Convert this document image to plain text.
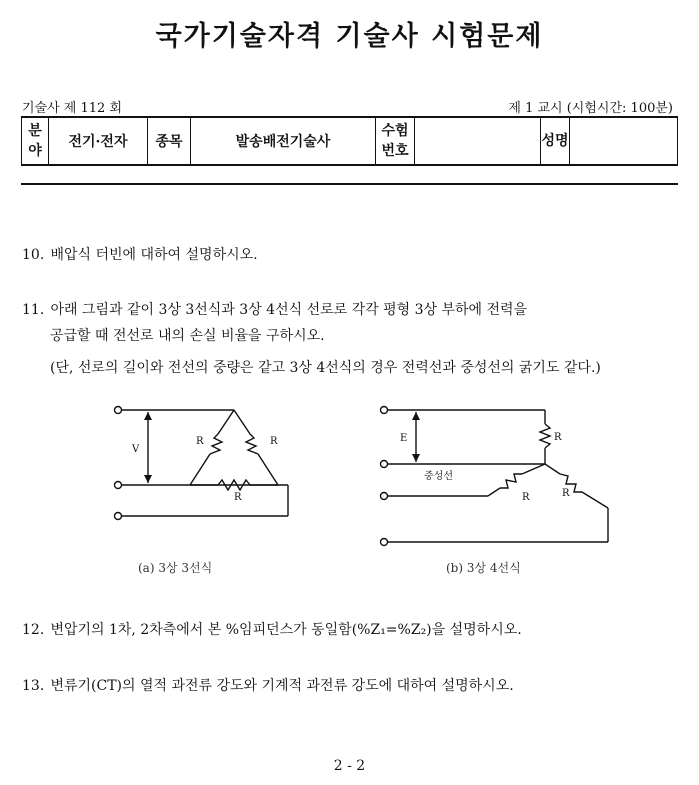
국가기술자격 기술사 시험문제
기술사 제 112 회	제 1 교시 (시험시간: 100분)
분야	전기·전자	종목	발송배전기술사	수험번호		성명	
10. 배압식 터빈에 대하여 설명하시오.
11. 아래 그림과 같이 3상 3선식과 3상 4선식 선로로 각각 평형 3상 부하에 전력을
공급할 때 전선로 내의 손실 비율을 구하시오.
(단, 선로의 길이와 전선의 중량은 같고 3상 4선식의 경우 전력선과 중성선의 굵기도 같다.)
V
R	R
R
(a) 3상 3선식
E	R
R	R
중성선
(b) 3상 4선식
12. 변압기의 1차, 2차측에서 본 %임피던스가 동일함(%Z₁=%Z₂)을 설명하시오.
13. 변류기(CT)의 열적 과전류 강도와 기계적 과전류 강도에 대하여 설명하시오.
2 - 2
